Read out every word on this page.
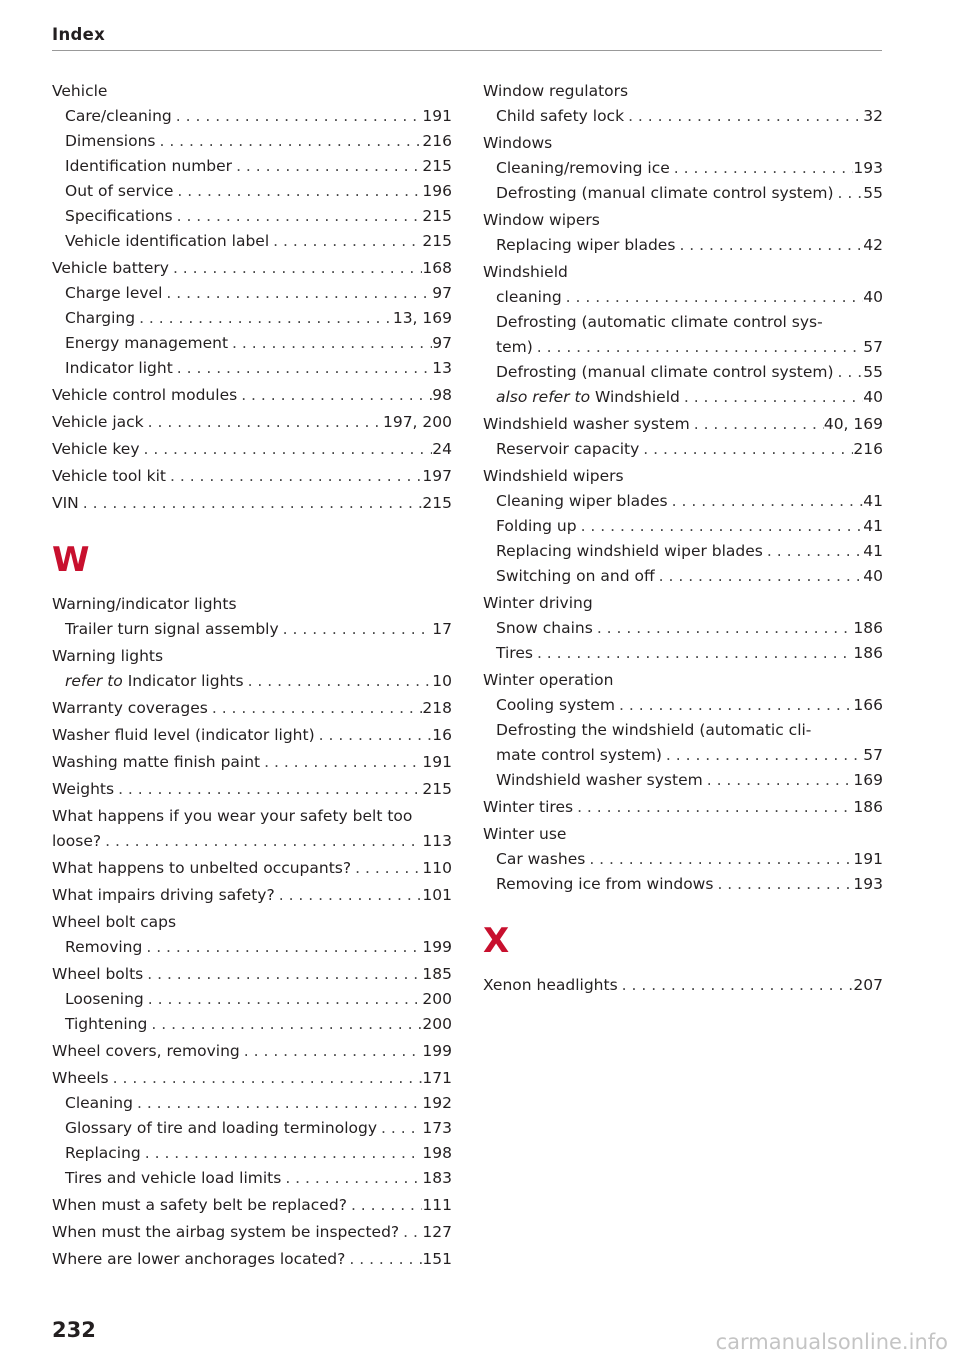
Index
Vehicle
Care/cleaning . . .	191
Dimensions . . .	216
Identification number . . .	215
Out of service . . .	196
Specifications . . .	215
Vehicle identification label . . .	215
Vehicle battery . . .	168
Charge level . . .	97
Charging . . .	13, 169
Energy management . . .	97
Indicator light . . .	13
Vehicle control modules . . .	98
Vehicle jack . . .	197, 200
Vehicle key . . .	24
Vehicle tool kit . . .	197
VIN . . .	215
W
Warning/indicator lights
Trailer turn signal assembly . . .	17
Warning lights
refer to Indicator lights . . .	10
Warranty coverages . . .	218
Washer fluid level (indicator light) . . .	16
Washing matte finish paint . . .	191
Weights . . .	215
What happens if you wear your safety belt too
loose? . . .	113
What happens to unbelted occupants? . . .	110
What impairs driving safety? . . .	101
Wheel bolt caps
Removing . . .	199
Wheel bolts . . .	185
Loosening . . .	200
Tightening . . .	200
Wheel covers, removing . . .	199
Wheels . . .	171
Cleaning . . .	192
Glossary of tire and loading terminology . . .	173
Replacing . . .	198
Tires and vehicle load limits . . .	183
When must a safety belt be replaced? . . .	111
When must the airbag system be inspected? . . . 127
Where are lower anchorages located? . . .	151
Window regulators
Child safety lock . . .	32
Windows
Cleaning/removing ice . . .	193
Defrosting (manual climate control system) . . . 55
Window wipers
Replacing wiper blades . . .	42
Windshield
cleaning . . .	40
Defrosting (automatic climate control sys-
tem) . . .	57
Defrosting (manual climate control system) . . . 55
also refer to Windshield . . .	40
Windshield washer system . . .	40, 169
Reservoir capacity . . .	216
Windshield wipers
Cleaning wiper blades . . .	41
Folding up . . .	41
Replacing windshield wiper blades . . .	41
Switching on and off . . .	40
Winter driving
Snow chains . . .	186
Tires . . .	186
Winter operation
Cooling system . . .	166
Defrosting the windshield (automatic cli-
mate control system) . . .	57
Windshield washer system . . .	169
Winter tires . . .	186
Winter use
Car washes . . .	191
Removing ice from windows . . .	193
X
Xenon headlights . . .	207
232	carmanualsonline.info
